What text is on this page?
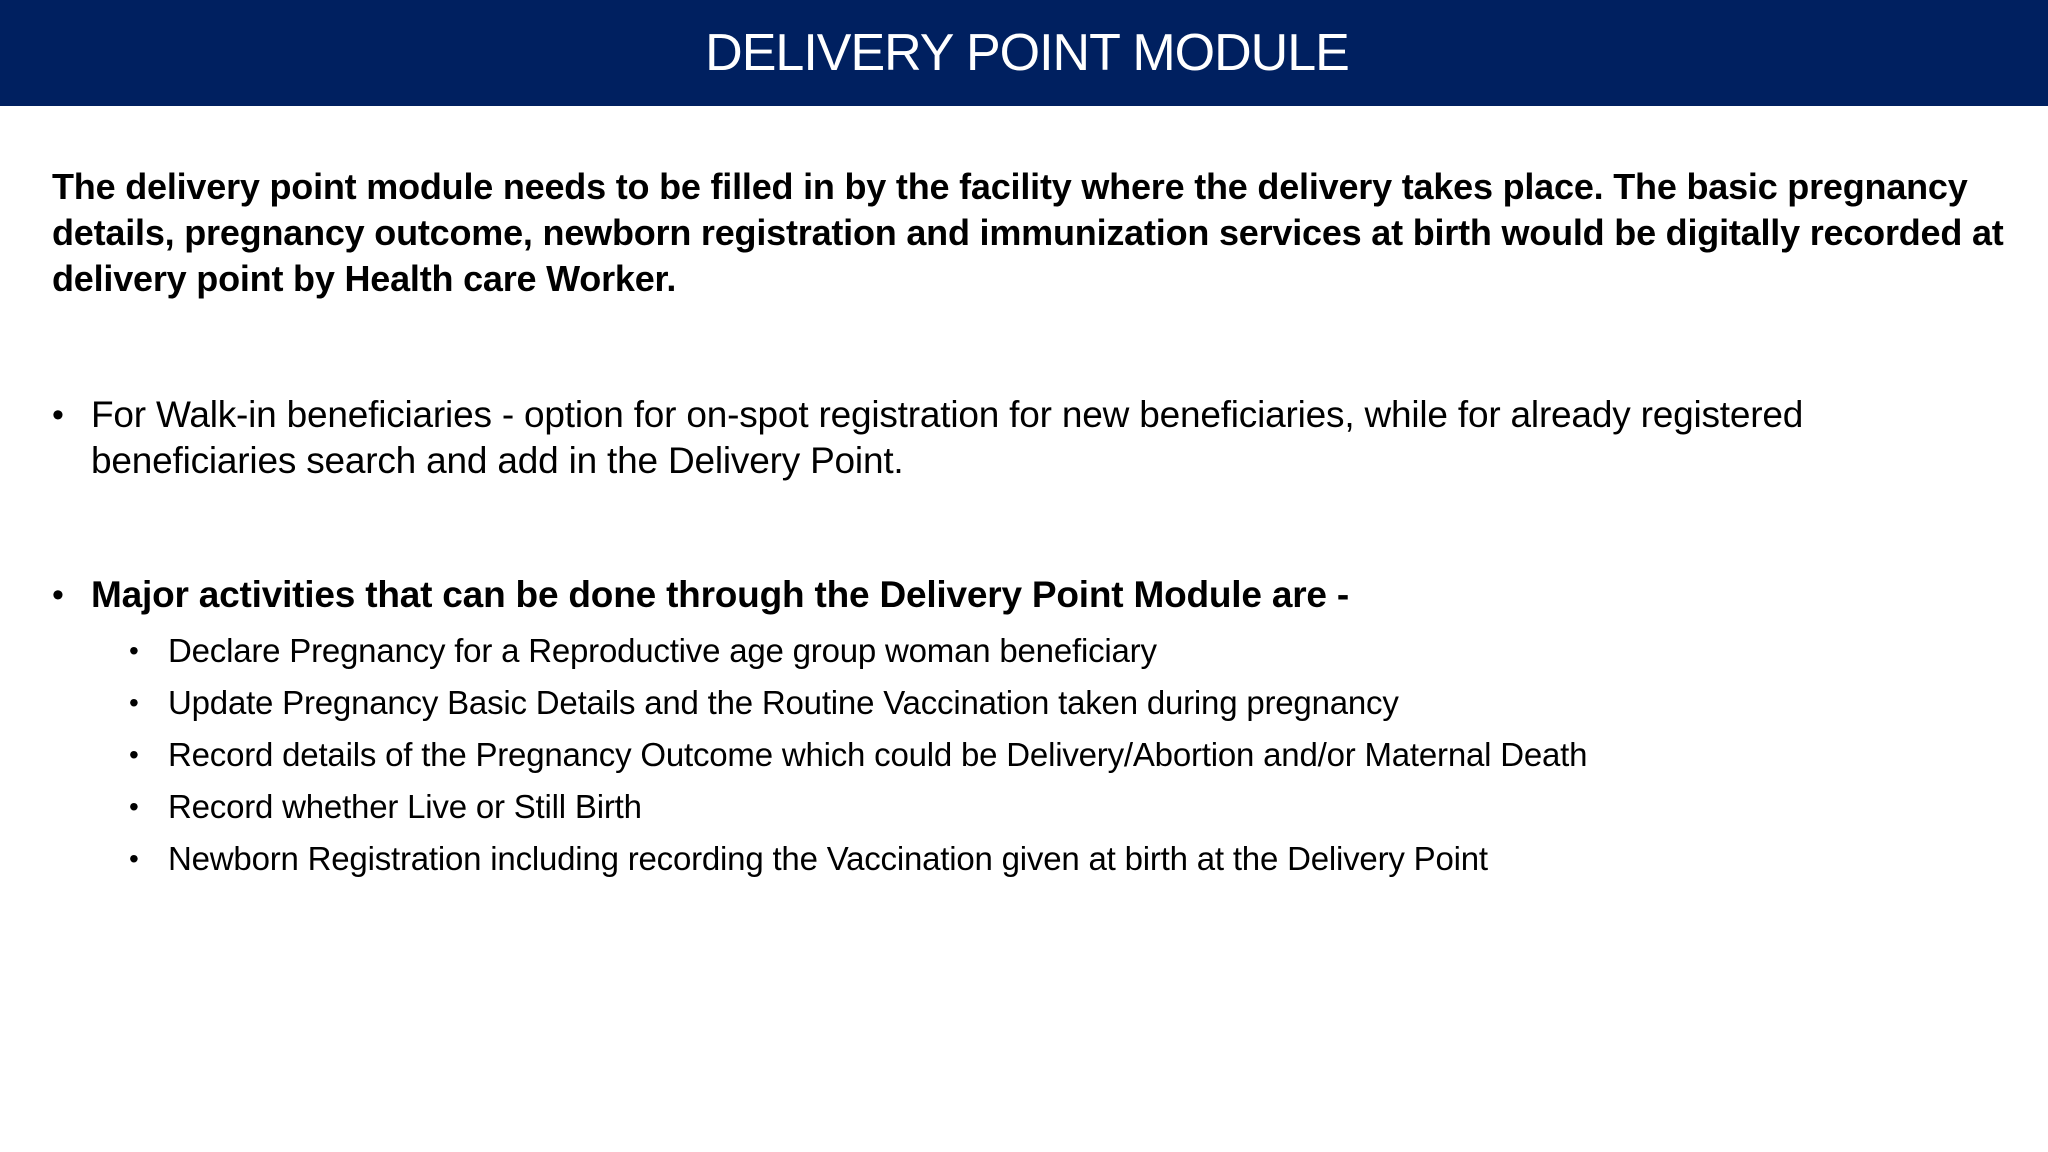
DELIVERY POINT MODULE

The delivery point module needs to be filled in by the facility where the delivery takes place. The basic pregnancy details, pregnancy outcome, newborn registration and immunization services at birth would be digitally recorded at delivery point by Health care Worker.

• For Walk-in beneficiaries - option for on-spot registration for new beneficiaries, while for already registered beneficiaries search and add in the Delivery Point.
• Major activities that can be done through the Delivery Point Module are -
• Declare Pregnancy for a Reproductive age group woman beneficiary
• Update Pregnancy Basic Details and the Routine Vaccination taken during pregnancy
• Record details of the Pregnancy Outcome which could be Delivery/Abortion and/or Maternal Death
• Record whether Live or Still Birth
• Newborn Registration including recording the Vaccination given at birth at the Delivery Point
